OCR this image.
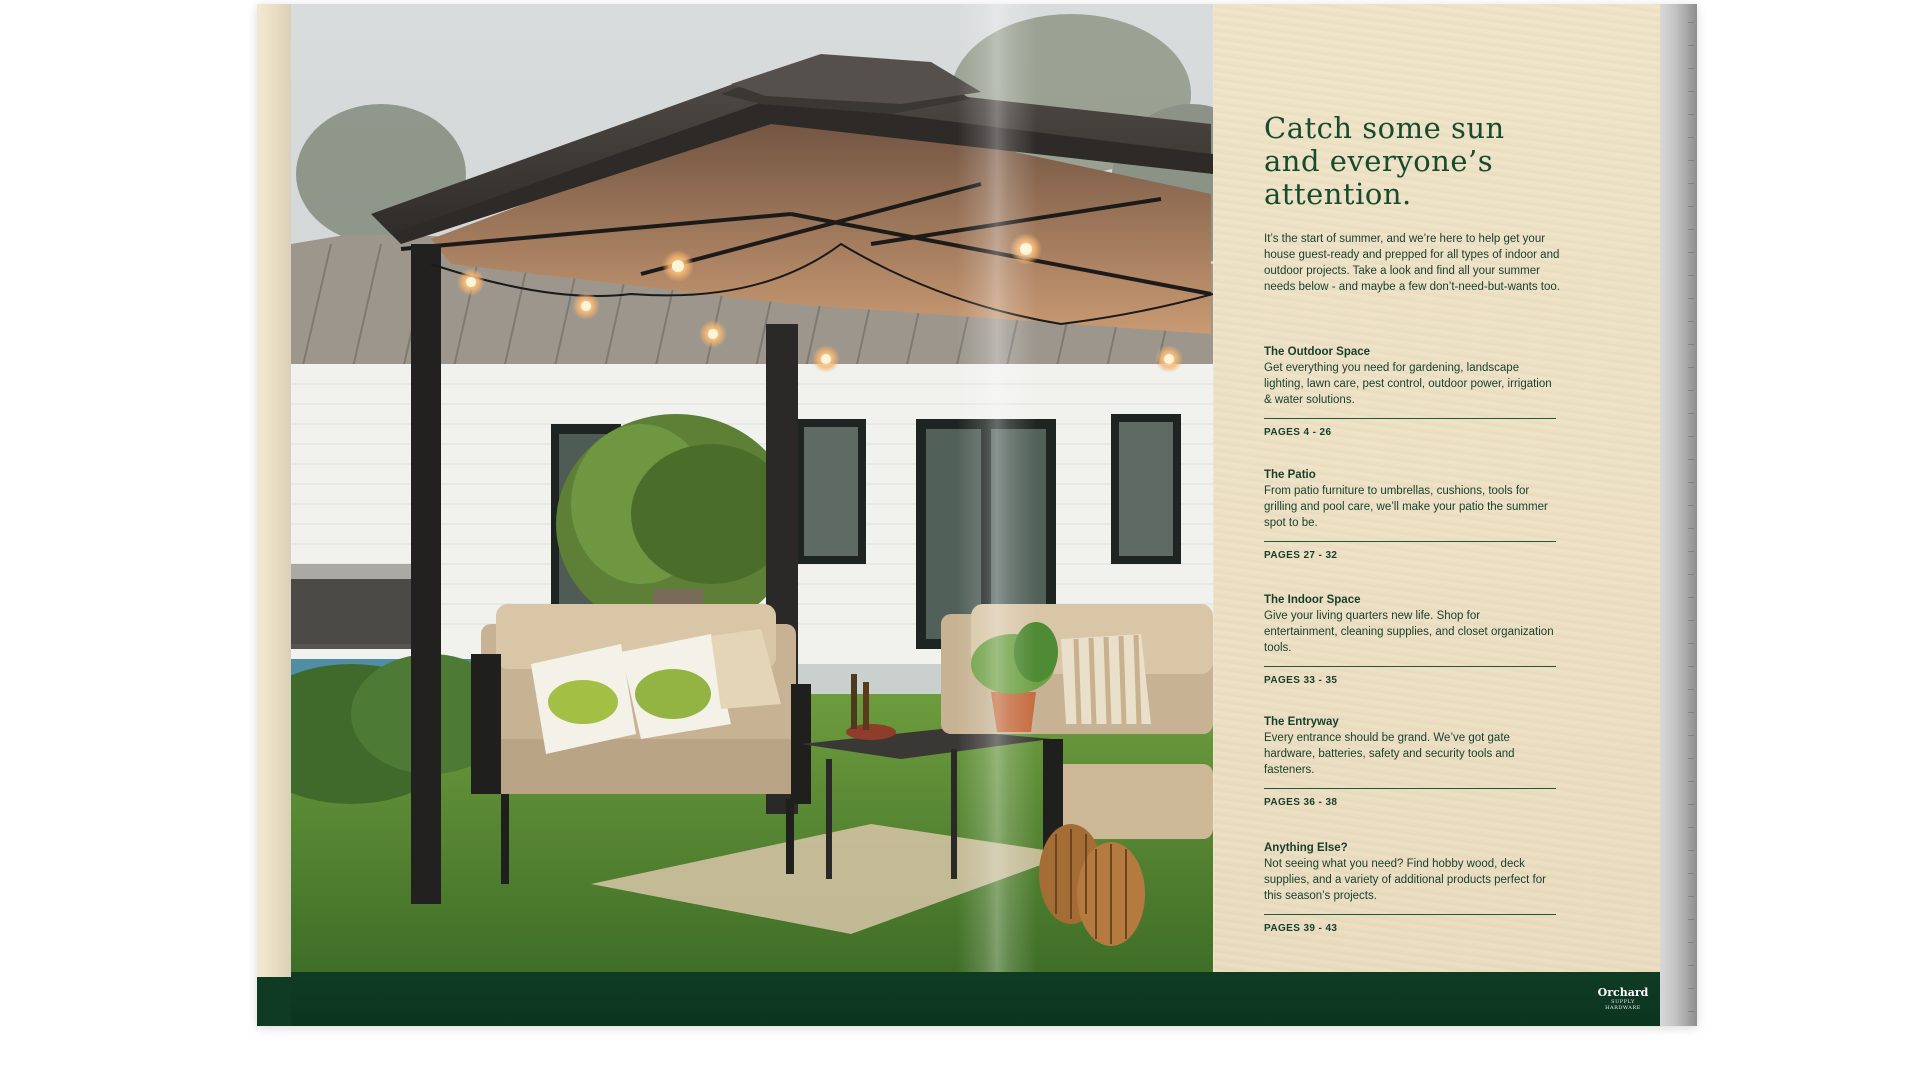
Catch some sun
and everyone’s
attention.

It’s the start of summer, and we’re here to help get your house guest-ready and prepped for all types of indoor and outdoor projects. Take a look and find all your summer needs below - and maybe a few don’t-need-but-wants too.

The Outdoor Space

Get everything you need for gardening, landscape lighting, lawn care, pest control, outdoor power, irrigation & water solutions.

PAGES 4 - 26

The Patio

From patio furniture to umbrellas, cushions, tools for grilling and pool care, we’ll make your patio the summer spot to be.

PAGES 27 - 32

The Indoor Space

Give your living quarters new life. Shop for entertainment, cleaning supplies, and closet organization tools.

PAGES 33 - 35

The Entryway

Every entrance should be grand. We’ve got gate hardware, batteries, safety and security tools and fasteners.

PAGES 36 - 38

Anything Else?

Not seeing what you need? Find hobby wood, deck supplies, and a variety of additional products perfect for this season’s projects.

PAGES 39 - 43
Orchard
SUPPLY HARDWARE
